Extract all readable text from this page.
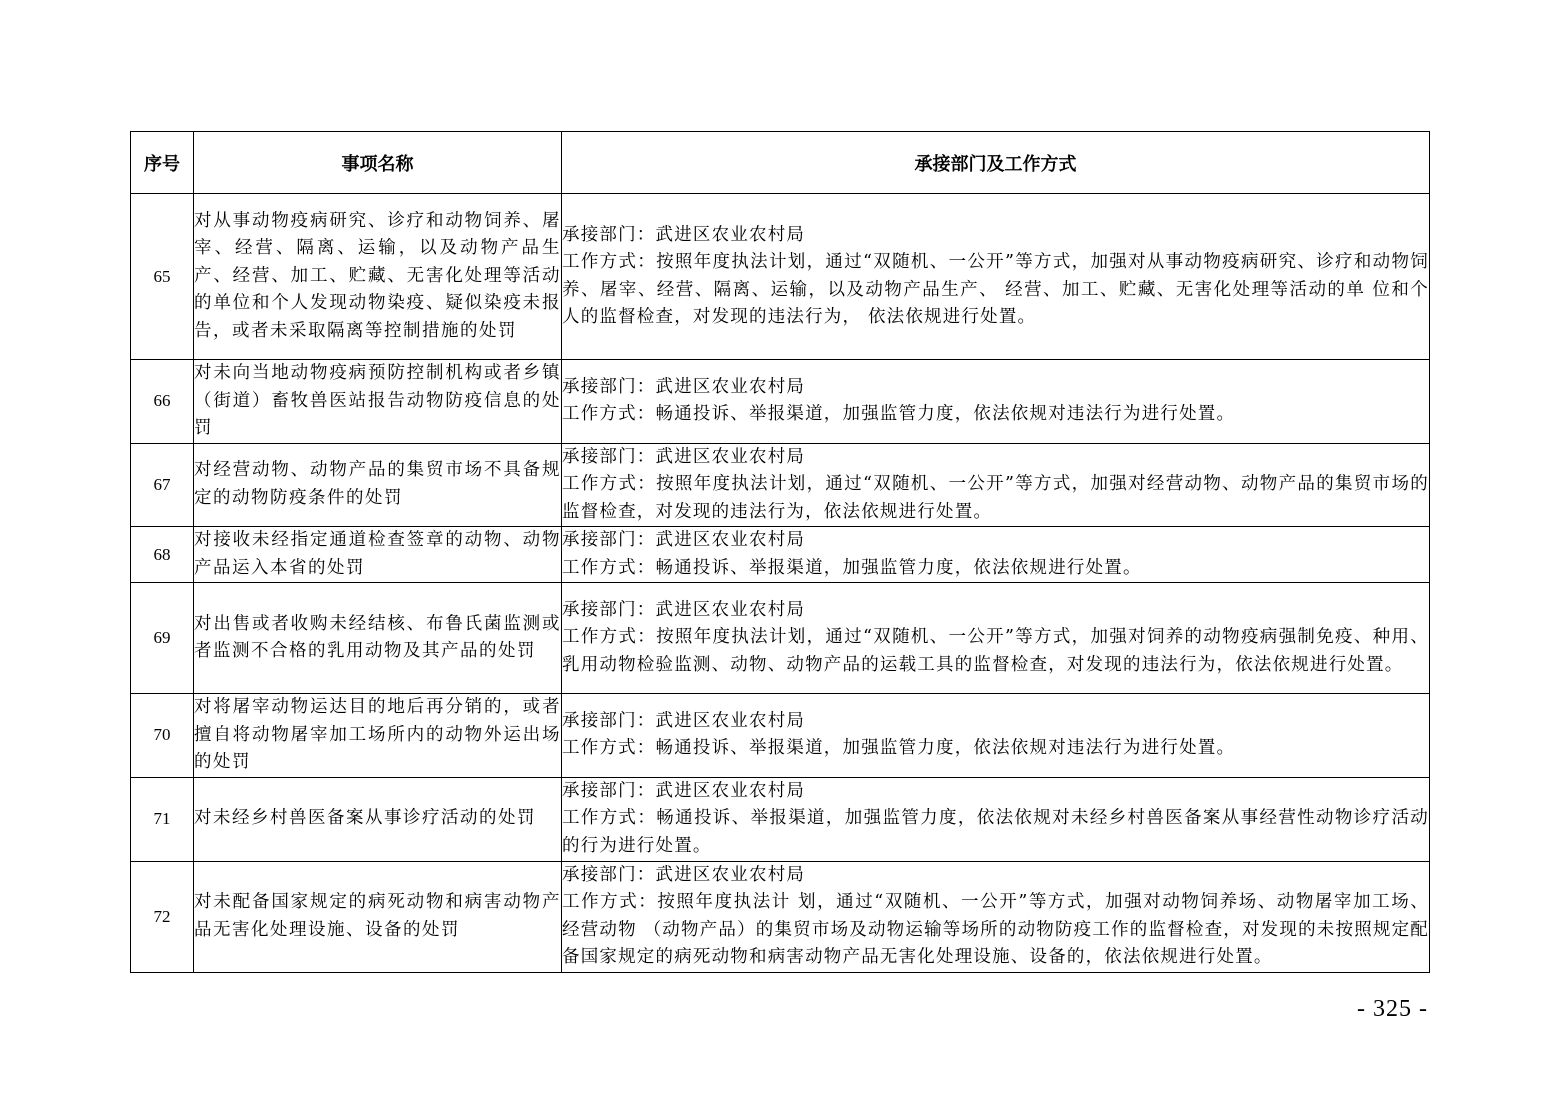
序号	事项名称	承接部门及工作方式
65	对从事动物疫病研究、诊疗和动物饲养、屠宰、经营、隔离、运输，以及动物产品生产、经营、加工、贮藏、无害化处理等活动的单位和个人发现动物染疫、疑似染疫未报告，或者未采取隔离等控制措施的处罚	承接部门：武进区农业农村局
工作方式：按照年度执法计划，通过“双随机、一公开”等方式，加强对从事动物疫病研究、诊疗和动物饲养、屠宰、经营、隔离、运输，以及动物产品生产、 经营、加工、贮藏、无害化处理等活动的单 位和个人的监督检查，对发现的违法行为， 依法依规进行处置。

66	对未向当地动物疫病预防控制机构或者乡镇（街道）畜牧兽医站报告动物防疫信息的处罚	承接部门：武进区农业农村局
工作方式：畅通投诉、举报渠道，加强监管力度，依法依规对违法行为进行处置。

67	对经营动物、动物产品的集贸市场不具备规定的动物防疫条件的处罚	承接部门：武进区农业农村局
工作方式：按照年度执法计划，通过“双随机、一公开”等方式，加强对经营动物、动物产品的集贸市场的监督检查，对发现的违法行为，依法依规进行处置。

68	对接收未经指定通道检查签章的动物、动物产品运入本省的处罚	承接部门：武进区农业农村局
工作方式：畅通投诉、举报渠道，加强监管力度，依法依规进行处置。

69	对出售或者收购未经结核、布鲁氏菌监测或者监测不合格的乳用动物及其产品的处罚	承接部门：武进区农业农村局
工作方式：按照年度执法计划，通过“双随机、一公开”等方式，加强对饲养的动物疫病强制免疫、种用、乳用动物检验监测、动物、动物产品的运载工具的监督检查，对发现的违法行为，依法依规进行处置。

70	对将屠宰动物运达目的地后再分销的，或者擅自将动物屠宰加工场所内的动物外运出场的处罚	承接部门：武进区农业农村局
工作方式：畅通投诉、举报渠道，加强监管力度，依法依规对违法行为进行处置。

71	对未经乡村兽医备案从事诊疗活动的处罚	承接部门：武进区农业农村局
工作方式：畅通投诉、举报渠道，加强监管力度，依法依规对未经乡村兽医备案从事经营性动物诊疗活动的行为进行处置。

72	对未配备国家规定的病死动物和病害动物产品无害化处理设施、设备的处罚	承接部门：武进区农业农村局
工作方式：按照年度执法计 划，通过“双随机、一公开”等方式，加强对动物饲养场、动物屠宰加工场、经营动物 （动物产品）的集贸市场及动物运输等场所的动物防疫工作的监督检查，对发现的未按照规定配备国家规定的病死动物和病害动物产品无害化处理设施、设备的，依法依规进行处置。
- 325 -
